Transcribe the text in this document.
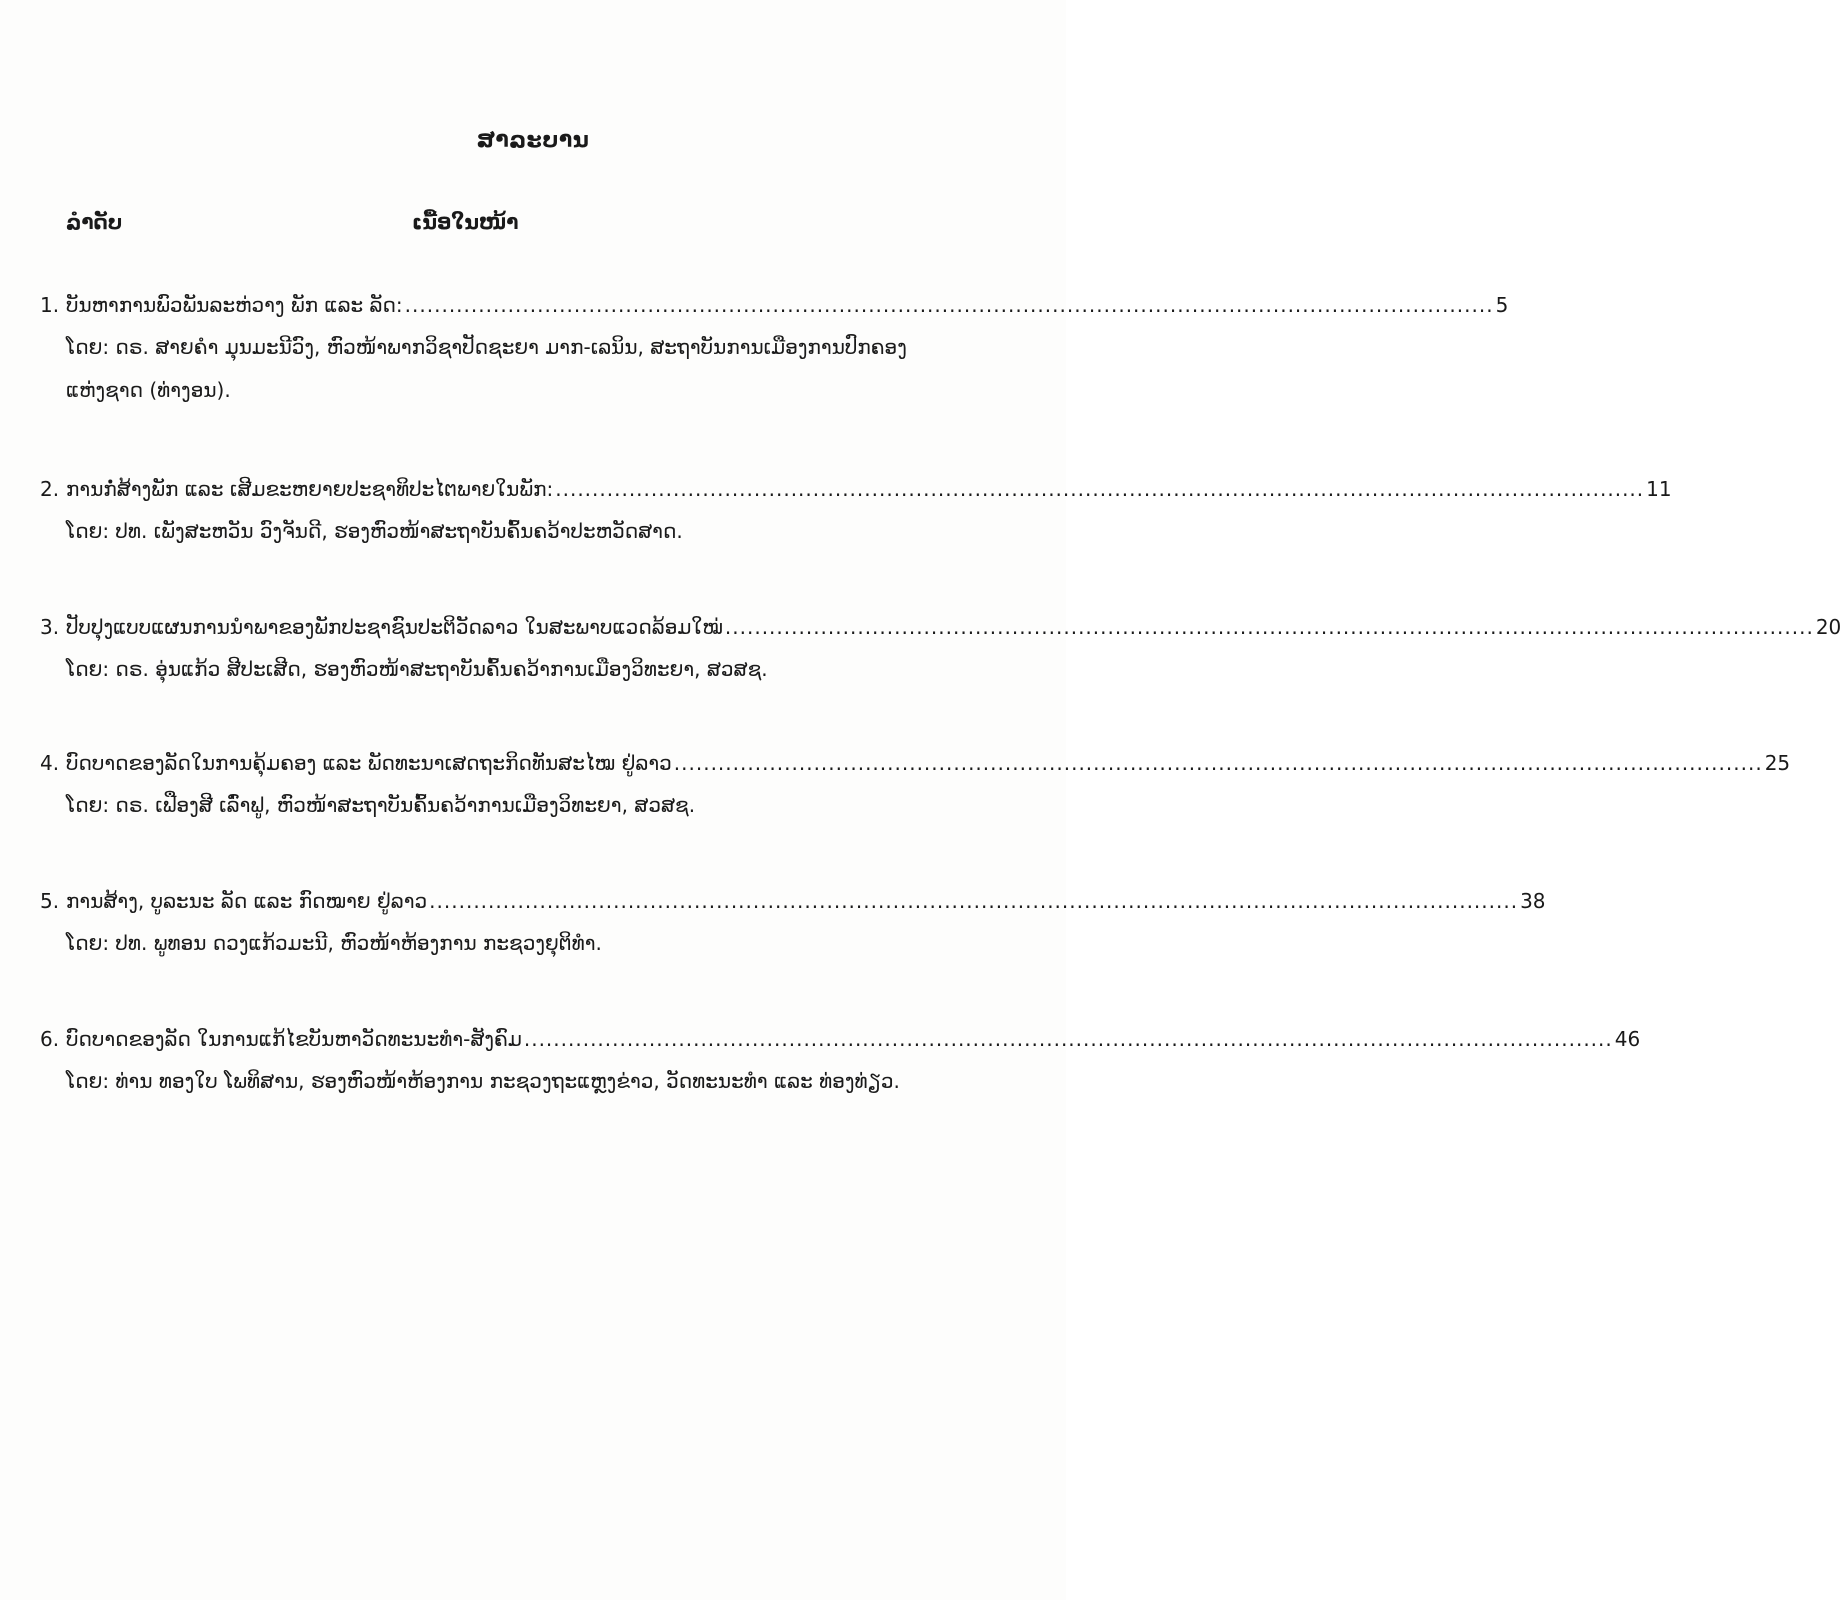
ສາລະບານ
ລຳດັບ	ເນື້ອໃນໜ້າ
1. ບັນຫາການພົວພັນລະຫ່ວາງ ພັກ ແລະ ລັດ: .................................................................................................................................................... 5
ໂດຍ: ດຣ. ສາຍຄຳ ມຸນມະນີວົງ, ຫົວໜ້າພາກວິຊາປັດຊະຍາ ມາກ-ເລນິນ, ສະຖາບັນການເມືອງການປົກຄອງແຫ່ງຊາດ (ທ່າງອນ).
2. ການກໍ່ສ້າງພັກ ແລະ ເສີມຂະຫຍາຍປະຊາທິປະໄຕພາຍໃນພັກ: .................................................................................................................................................... 11
ໂດຍ: ປທ. ເພັງສະຫວັນ ວົງຈັນດີ, ຮອງຫົວໜ້າສະຖາບັນຄົ້ນຄວ້າປະຫວັດສາດ.
3. ປັບປຸງແບບແຜນການນໍາພາຂອງພັກປະຊາຊົນປະຕິວັດລາວ ໃນສະພາບແວດລ້ອມໃໝ່ .................................................................................................................................................... 20
ໂດຍ: ດຣ. ອຸ່ນແກ້ວ ສີປະເສີດ, ຮອງຫົວໜ້າສະຖາບັນຄົ້ນຄວ້າການເມືອງວິທະຍາ, ສວສຊ.
4. ບົດບາດຂອງລັດໃນການຄຸ້ມຄອງ ແລະ ພັດທະນາເສດຖະກິດທັນສະໄໝ ຢູ່ລາວ .................................................................................................................................................... 25
ໂດຍ: ດຣ. ເຟືອງສີ ເລົ່າຟູ, ຫົວໜ້າສະຖາບັນຄົ້ນຄວ້າການເມືອງວິທະຍາ, ສວສຊ.
5. ການສ້າງ, ບູລະນະ ລັດ ແລະ ກົດໝາຍ ຢູ່ລາວ .................................................................................................................................................... 38
ໂດຍ: ປທ. ພູທອນ ດວງແກ້ວມະນີ, ຫົວໜ້າຫ້ອງການ ກະຊວງຍຸຕິທຳ.
6. ບົດບາດຂອງລັດ ໃນການແກ້ໄຂບັນຫາວັດທະນະທຳ-ສັງຄົມ .................................................................................................................................................... 46
ໂດຍ: ທ່ານ ທອງໃບ ໂພທິສານ, ຮອງຫົວໜ້າຫ້ອງການ ກະຊວງຖະແຫຼງຂ່າວ, ວັດທະນະທຳ ແລະ ທ່ອງທ່ຽວ.
